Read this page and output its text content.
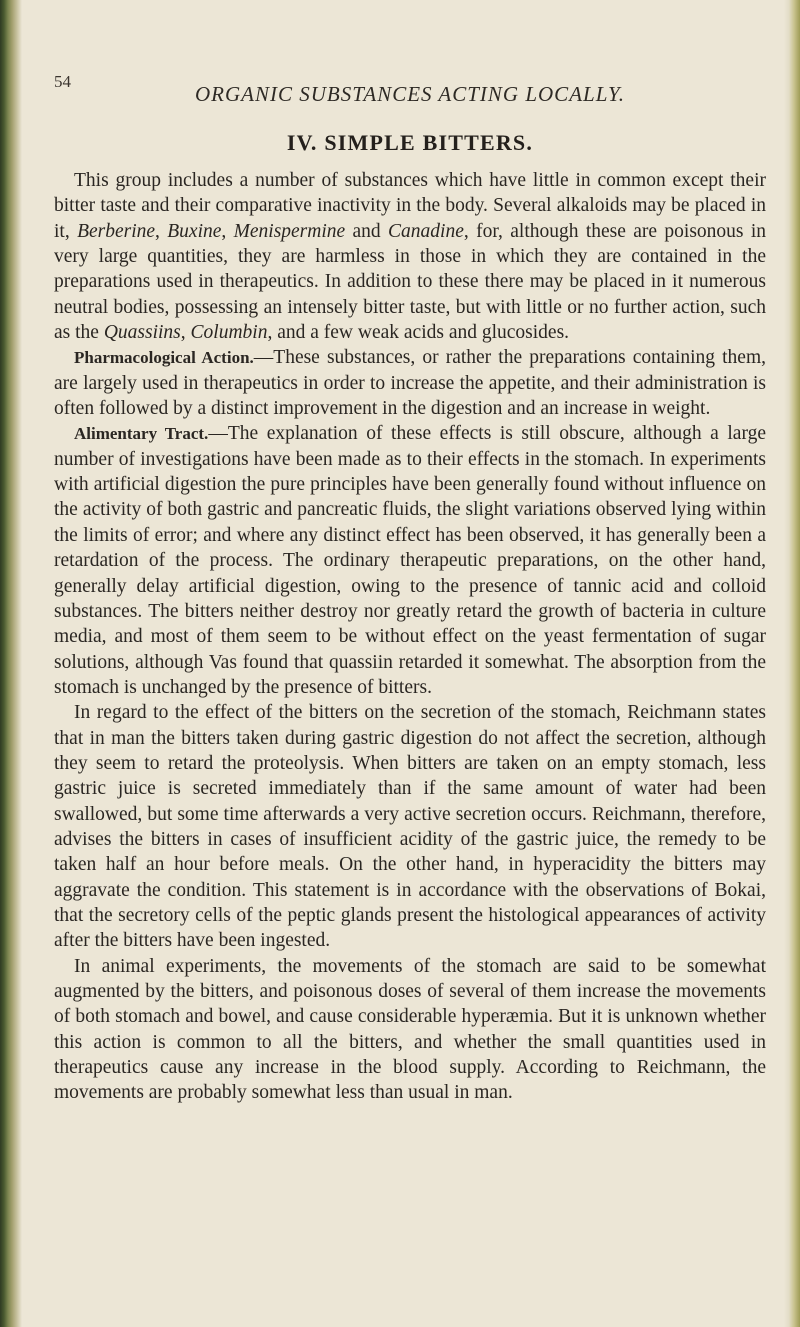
54
ORGANIC SUBSTANCES ACTING LOCALLY.
IV. SIMPLE BITTERS.

This group includes a number of substances which have little in common except their bitter taste and their comparative inactivity in the body. Several alkaloids may be placed in it, Berberine, Buxine, Menispermine and Canadine, for, although these are poisonous in very large quantities, they are harmless in those in which they are contained in the preparations used in therapeutics. In addition to these there may be placed in it numerous neutral bodies, possessing an intensely bitter taste, but with little or no further action, such as the Quassiins, Columbin, and a few weak acids and glucosides.

Pharmacological Action.—These substances, or rather the preparations containing them, are largely used in therapeutics in order to increase the appetite, and their administration is often followed by a distinct improvement in the digestion and an increase in weight.

Alimentary Tract.—The explanation of these effects is still obscure, although a large number of investigations have been made as to their effects in the stomach. In experiments with artificial digestion the pure principles have been generally found without influence on the activity of both gastric and pancreatic fluids, the slight variations observed lying within the limits of error; and where any distinct effect has been observed, it has generally been a retardation of the process. The ordinary therapeutic preparations, on the other hand, generally delay artificial digestion, owing to the presence of tannic acid and colloid substances. The bitters neither destroy nor greatly retard the growth of bacteria in culture media, and most of them seem to be without effect on the yeast fermentation of sugar solutions, although Vas found that quassiin retarded it somewhat. The absorption from the stomach is unchanged by the presence of bitters.

In regard to the effect of the bitters on the secretion of the stomach, Reichmann states that in man the bitters taken during gastric digestion do not affect the secretion, although they seem to retard the proteolysis. When bitters are taken on an empty stomach, less gastric juice is secreted immediately than if the same amount of water had been swallowed, but some time afterwards a very active secretion occurs. Reichmann, therefore, advises the bitters in cases of insufficient acidity of the gastric juice, the remedy to be taken half an hour before meals. On the other hand, in hyperacidity the bitters may aggravate the condition. This statement is in accordance with the observations of Bokai, that the secretory cells of the peptic glands present the histological appearances of activity after the bitters have been ingested.

In animal experiments, the movements of the stomach are said to be somewhat augmented by the bitters, and poisonous doses of several of them increase the movements of both stomach and bowel, and cause considerable hyperæmia. But it is unknown whether this action is common to all the bitters, and whether the small quantities used in therapeutics cause any increase in the blood supply. According to Reichmann, the movements are probably somewhat less than usual in man.
